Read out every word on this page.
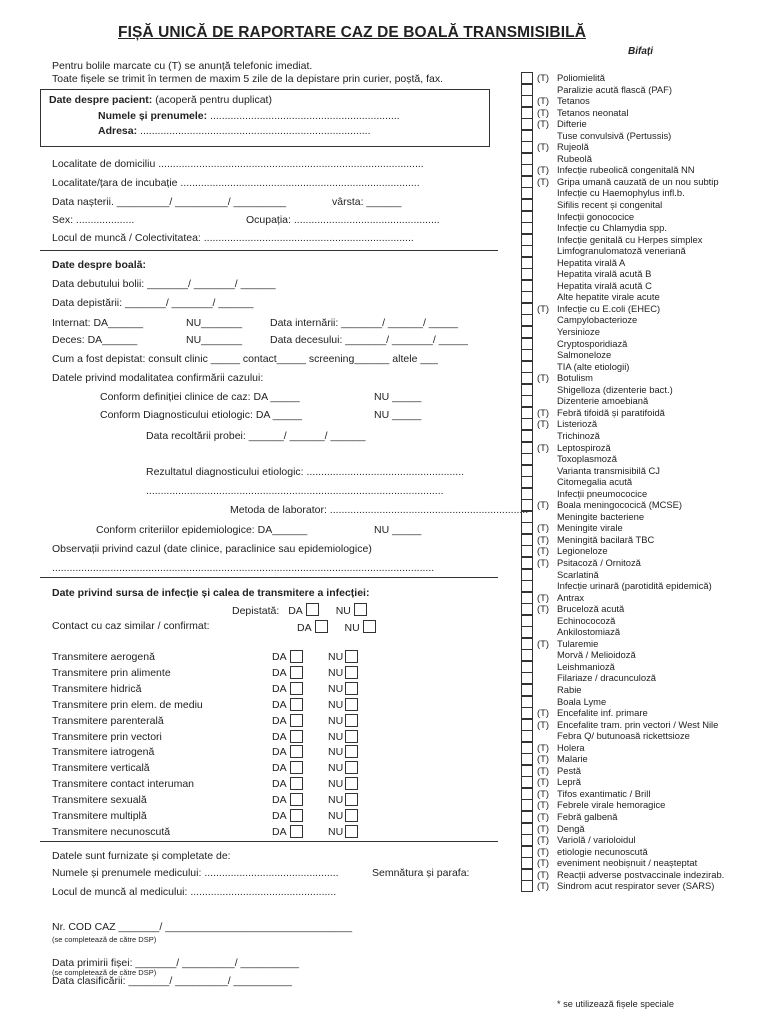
FIȘĂ UNICĂ DE RAPORTARE CAZ DE BOALĂ TRANSMISIBILĂ
Bifați
Pentru bolile marcate cu (T) se anunță telefonic imediat.
Toate fișele se trimit în termen de maxim 5 zile de la depistare prin curier, poștă, fax.
Date despre pacient: (acoperă pentru duplicat)
Numele și prenumele: .................................................................
Adresa: ...............................................................................
Localitate de domiciliu ...........................................................................................
Localitate/țara de incubație ..................................................................................
Data nașterii. _________/ _________/ _________	vârsta: ______
Sex: ....................	Ocupația: ..................................................
Locul de muncă / Colectivitatea: ........................................................................
Date despre boală:
Data debutului bolii: _______/ _______/ ______
Data depistării: _______/ _______/ ______
Internat: DA______	NU_______	Data internării: _______/ ______/ _____
Deces: DA______	NU_______	Data decesului: _______/ _______/ _____
Cum a fost depistat: consult clinic _____ contact_____ screening______ altele ___
Datele privind modalitatea confirmării cazului:
Conform definiției clinice de caz: DA _____	NU _____
Conform Diagnosticului etiologic: DA _____	NU _____
Data recoltării probei: ______/ ______/ ______
Rezultatul diagnosticului etiologic: ......................................................
......................................................................................................
Metoda de laborator: ....................................................................
Conform criteriilor epidemiologice: DA______	NU _____
Observații privind cazul (date clinice, paraclinice sau epidemiologice)
...................................................................................................................................
Date privind sursa de infecție și calea de transmitere a infecției:
Depistată: DA	NU
Contact cu caz similar / confirmat:	DA	NU
Transmitere aerogenă	DA	NU
Transmitere prin alimente	DA	NU
Transmitere hidrică	DA	NU
Transmitere prin elem. de mediu	DA	NU
Transmitere parenterală	DA	NU
Transmitere prin vectori	DA	NU
Transmitere iatrogenă	DA	NU
Transmitere verticală	DA	NU
Transmitere contact interuman	DA	NU
Transmitere sexuală	DA	NU
Transmitere multiplă	DA	NU
Transmitere necunoscută	DA	NU
Datele sunt furnizate și completate de:
Numele și prenumele medicului: ..............................................	Semnătura și parafa:
Locul de muncă al medicului: ..................................................
Nr. COD CAZ _______/ ________________________________
(se completează de către DSP)
Data primirii fișei: _______/ _________/ __________
(se completează de către DSP)
Data clasificării: _______/ _________/ __________
(T) Poliomielită
Paralizie acută flască (PAF)
(T) Tetanos
(T) Tetanos neonatal
(T) Difterie
Tuse convulsivă (Pertussis)
(T) Rujeolă
Rubeolă
(T) Infecție rubeolică congenitală NN
(T) Gripa umană cauzată de un nou subtip
Infecție cu Haemophylus infl.b.
Sifilis recent și congenital
Infecții gonococice
Infecție cu Chlamydia spp.
Infecție genitală cu Herpes simplex
Limfogranulomatoză veneriană
Hepatita virală A
Hepatita virală acută B
Hepatita virală acută C
Alte hepatite virale acute
(T) Infecție cu E.coli (EHEC)
Campylobacterioze
Yersinioze
Cryptosporidiază
Salmoneloze
TIA (alte etiologii)
(T) Botulism
Shigelloza (dizenterie bact.)
Dizenterie amoebiană
(T) Febră tifoidă și paratifoidă
(T) Listerioză
Trichinoză
(T) Leptospiroză
Toxoplasmoză
Varianta transmisibilă CJ
Citomegalia acută
Infecții pneumococice
(T) Boala meningococică (MCSE)
Meningite bacteriene
(T) Meningite virale
(T) Meningită bacilară TBC
(T) Legioneloze
(T) Psitacoză / Ornitoză
Scarlatină
Infecție urinară (parotidită epidemică)
(T) Antrax
(T) Bruceloză acută
Echinococoză
Ankilostomiază
(T) Tularemie
Morvă / Melioidoză
Leishmanioză
Filariaze / dracunculoză
Rabie
Boala Lyme
(T) Encefalite inf. primare
(T) Encefalite tram. prin vectori / West Nile
Febra Q/ butunoasă rickettsioze
(T) Holera
(T) Malarie
(T) Pestă
(T) Lepră
(T) Tifos exantimatic / Brill
(T) Febrele virale hemoragice
(T) Febră galbenă
(T) Dengă
(T) Variolă / varioloidul
(T) etiologie necunoscută
(T) eveniment neobișnuit / neașteptat
(T) Reacții adverse postvaccinale indezirab.
(T) Sindrom acut respirator sever (SARS)
* se utilizează fișele speciale
